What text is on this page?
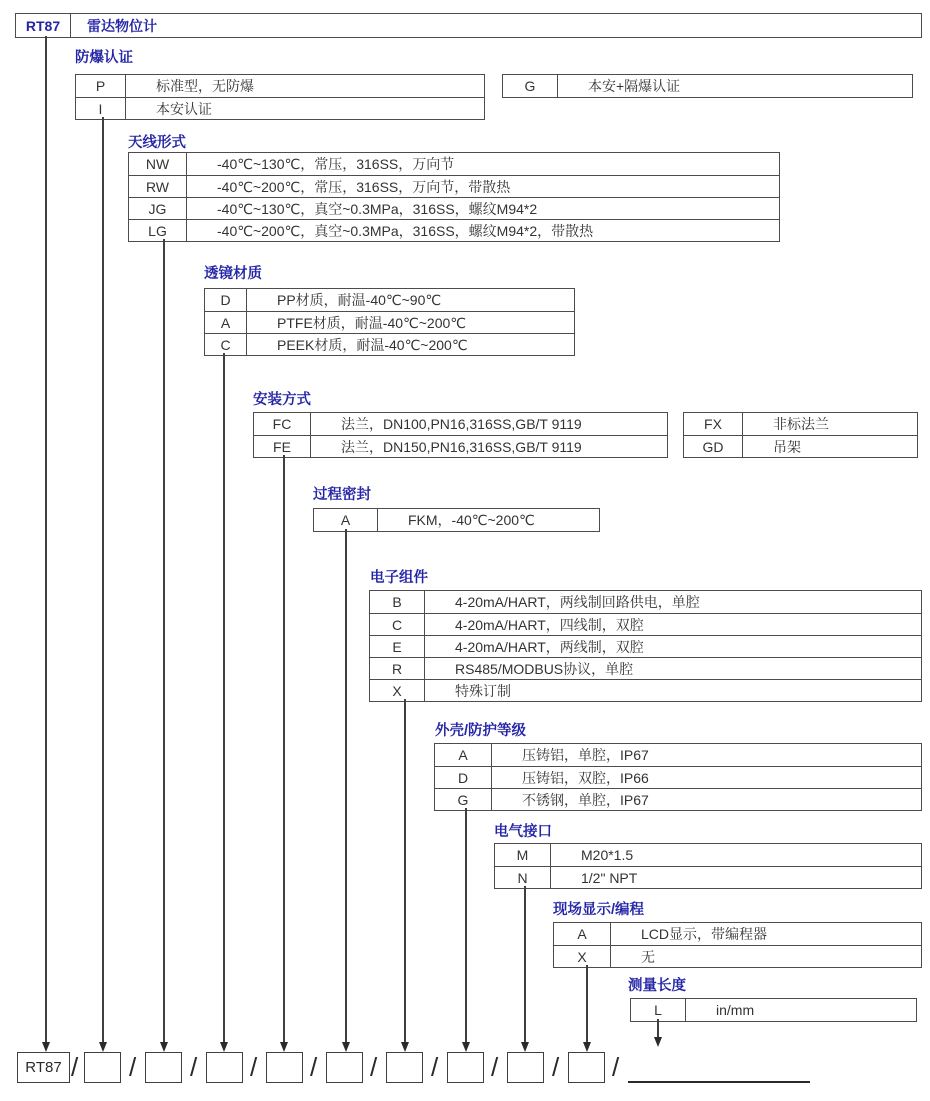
RT87	雷达物位计
防爆认证
P	标准型，无防爆
I	本安认证
G	本安+隔爆认证
天线形式
NW	-40℃~130℃，常压，316SS，万向节
RW	-40℃~200℃，常压，316SS，万向节，带散热
JG	-40℃~130℃，真空~0.3MPa，316SS，螺纹M94*2
LG	-40℃~200℃，真空~0.3MPa，316SS，螺纹M94*2，带散热
透镜材质
D	PP材质，耐温-40℃~90℃
A	PTFE材质，耐温-40℃~200℃
C	PEEK材质，耐温-40℃~200℃
安装方式
FC	法兰，DN100,PN16,316SS,GB/T 9119
FE	法兰，DN150,PN16,316SS,GB/T 9119
FX	非标法兰
GD	吊架
过程密封
A	FKM，-40℃~200℃
电子组件
B	4-20mA/HART，两线制回路供电，单腔
C	4-20mA/HART，四线制，双腔
E	4-20mA/HART，两线制，双腔
R	RS485/MODBUS协议，单腔
X	特殊订制
外壳/防护等级
A	压铸铝，单腔，IP67
D	压铸铝，双腔，IP66
G	不锈钢，单腔，IP67
电气接口
M	M20*1.5
N	1/2" NPT
现场显示/编程
A	LCD显示，带编程器
X	无
测量长度
L	in/mm
RT87 / / / / / / / / / /
